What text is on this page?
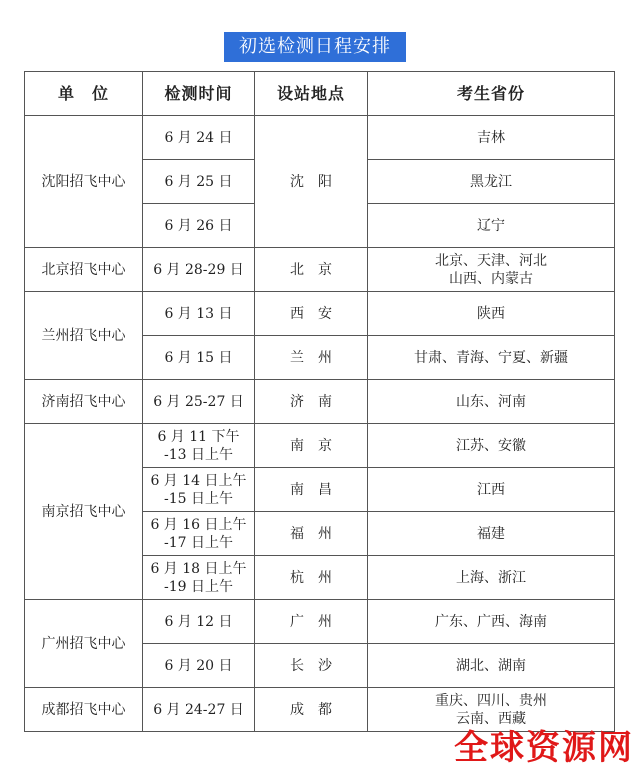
初选检测日程安排
单　位	检测时间	设站地点	考生省份
沈阳招飞中心	6 月 24 日	沈　阳	吉林
	6 月 25 日		黑龙江
	6 月 26 日		辽宁
北京招飞中心	6 月 28-29 日	北　京	北京、天津、河北
山西、内蒙古
兰州招飞中心	6 月 13 日	西　安	陕西
	6 月 15 日	兰　州	甘肃、青海、宁夏、新疆
济南招飞中心	6 月 25-27 日	济　南	山东、河南
南京招飞中心	6 月 11 下午
-13 日上午	南　京	江苏、安徽
	6 月 14 日上午
-15 日上午	南　昌	江西
	6 月 16 日上午
-17 日上午	福　州	福建
	6 月 18 日上午
-19 日上午	杭　州	上海、浙江
广州招飞中心	6 月 12 日	广　州	广东、广西、海南
	6 月 20 日	长　沙	湖北、湖南
成都招飞中心	6 月 24-27 日	成　都	重庆、四川、贵州
云南、西藏
全球资源网
